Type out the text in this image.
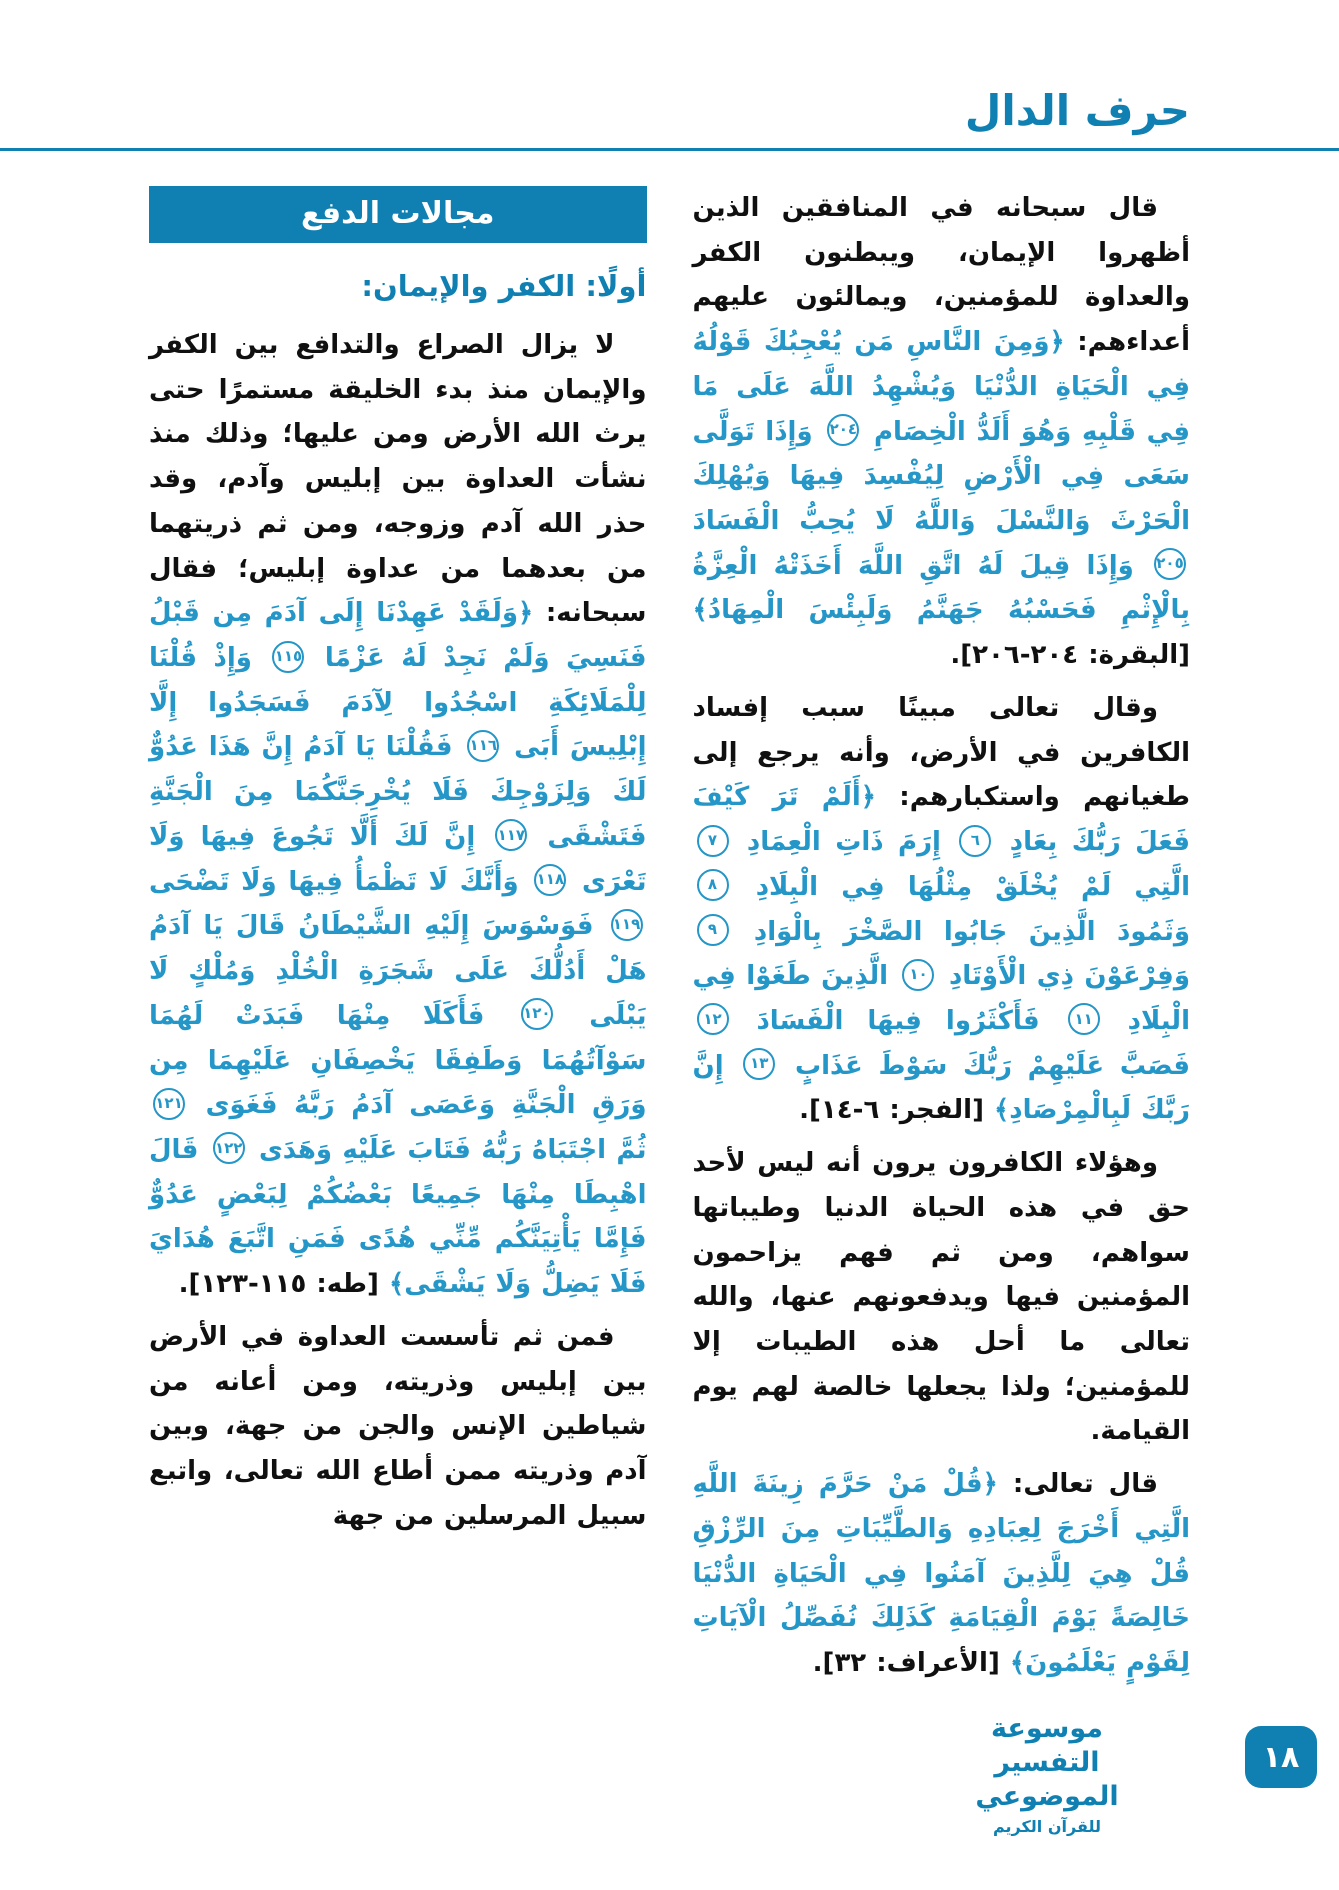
حرف الدال

قال سبحانه في المنافقين الذين أظهروا الإيمان، ويبطنون الكفر والعداوة للمؤمنين، ويمالئون عليهم أعداءهم: ﴿وَمِنَ النَّاسِ مَن يُعْجِبُكَ قَوْلُهُ فِي الْحَيَاةِ الدُّنْيَا وَيُشْهِدُ اللَّهَ عَلَى مَا فِي قَلْبِهِ وَهُوَ أَلَدُّ الْخِصَامِ ٢٠٤ وَإِذَا تَوَلَّى سَعَى فِي الْأَرْضِ لِيُفْسِدَ فِيهَا وَيُهْلِكَ الْحَرْثَ وَالنَّسْلَ وَاللَّهُ لَا يُحِبُّ الْفَسَادَ ٢٠٥ وَإِذَا قِيلَ لَهُ اتَّقِ اللَّهَ أَخَذَتْهُ الْعِزَّةُ بِالْإِثْمِ فَحَسْبُهُ جَهَنَّمُ وَلَبِئْسَ الْمِهَادُ﴾ [البقرة: ٢٠٤-٢٠٦].

وقال تعالى مبينًا سبب إفساد الكافرين في الأرض، وأنه يرجع إلى طغيانهم واستكبارهم: ﴿أَلَمْ تَرَ كَيْفَ فَعَلَ رَبُّكَ بِعَادٍ ٦ إِرَمَ ذَاتِ الْعِمَادِ ٧ الَّتِي لَمْ يُخْلَقْ مِثْلُهَا فِي الْبِلَادِ ٨ وَثَمُودَ الَّذِينَ جَابُوا الصَّخْرَ بِالْوَادِ ٩ وَفِرْعَوْنَ ذِي الْأَوْتَادِ ١٠ الَّذِينَ طَغَوْا فِي الْبِلَادِ ١١ فَأَكْثَرُوا فِيهَا الْفَسَادَ ١٢ فَصَبَّ عَلَيْهِمْ رَبُّكَ سَوْطَ عَذَابٍ ١٣ إِنَّ رَبَّكَ لَبِالْمِرْصَادِ﴾ [الفجر: ٦-١٤].

وهؤلاء الكافرون يرون أنه ليس لأحد حق في هذه الحياة الدنيا وطيباتها سواهم، ومن ثم فهم يزاحمون المؤمنين فيها ويدفعونهم عنها، والله تعالى ما أحل هذه الطيبات إلا للمؤمنين؛ ولذا يجعلها خالصة لهم يوم القيامة.

قال تعالى: ﴿قُلْ مَنْ حَرَّمَ زِينَةَ اللَّهِ الَّتِي أَخْرَجَ لِعِبَادِهِ وَالطَّيِّبَاتِ مِنَ الرِّزْقِ قُلْ هِيَ لِلَّذِينَ آمَنُوا فِي الْحَيَاةِ الدُّنْيَا خَالِصَةً يَوْمَ الْقِيَامَةِ كَذَلِكَ نُفَصِّلُ الْآيَاتِ لِقَوْمٍ يَعْلَمُونَ﴾ [الأعراف: ٣٢].

مجالات الدفع
أولًا: الكفر والإيمان:

لا يزال الصراع والتدافع بين الكفر والإيمان منذ بدء الخليقة مستمرًا حتى يرث الله الأرض ومن عليها؛ وذلك منذ نشأت العداوة بين إبليس وآدم، وقد حذر الله آدم وزوجه، ومن ثم ذريتهما من بعدهما من عداوة إبليس؛ فقال سبحانه: ﴿وَلَقَدْ عَهِدْنَا إِلَى آدَمَ مِن قَبْلُ فَنَسِيَ وَلَمْ نَجِدْ لَهُ عَزْمًا ١١٥ وَإِذْ قُلْنَا لِلْمَلَائِكَةِ اسْجُدُوا لِآدَمَ فَسَجَدُوا إِلَّا إِبْلِيسَ أَبَى ١١٦ فَقُلْنَا يَا آدَمُ إِنَّ هَذَا عَدُوٌّ لَكَ وَلِزَوْجِكَ فَلَا يُخْرِجَنَّكُمَا مِنَ الْجَنَّةِ فَتَشْقَى ١١٧ إِنَّ لَكَ أَلَّا تَجُوعَ فِيهَا وَلَا تَعْرَى ١١٨ وَأَنَّكَ لَا تَظْمَأُ فِيهَا وَلَا تَضْحَى ١١٩ فَوَسْوَسَ إِلَيْهِ الشَّيْطَانُ قَالَ يَا آدَمُ هَلْ أَدُلُّكَ عَلَى شَجَرَةِ الْخُلْدِ وَمُلْكٍ لَا يَبْلَى ١٢٠ فَأَكَلَا مِنْهَا فَبَدَتْ لَهُمَا سَوْآتُهُمَا وَطَفِقَا يَخْصِفَانِ عَلَيْهِمَا مِن وَرَقِ الْجَنَّةِ وَعَصَى آدَمُ رَبَّهُ فَغَوَى ١٢١ ثُمَّ اجْتَبَاهُ رَبُّهُ فَتَابَ عَلَيْهِ وَهَدَى ١٢٢ قَالَ اهْبِطَا مِنْهَا جَمِيعًا بَعْضُكُمْ لِبَعْضٍ عَدُوٌّ فَإِمَّا يَأْتِيَنَّكُم مِّنِّي هُدًى فَمَنِ اتَّبَعَ هُدَايَ فَلَا يَضِلُّ وَلَا يَشْقَى﴾ [طه: ١١٥-١٢٣].

فمن ثم تأسست العداوة في الأرض بين إبليس وذريته، ومن أعانه من شياطين الإنس والجن من جهة، وبين آدم وذريته ممن أطاع الله تعالى، واتبع سبيل المرسلين من جهة

موسوعة التفسير الموضوعي
للقرآن الكريم
١٨
